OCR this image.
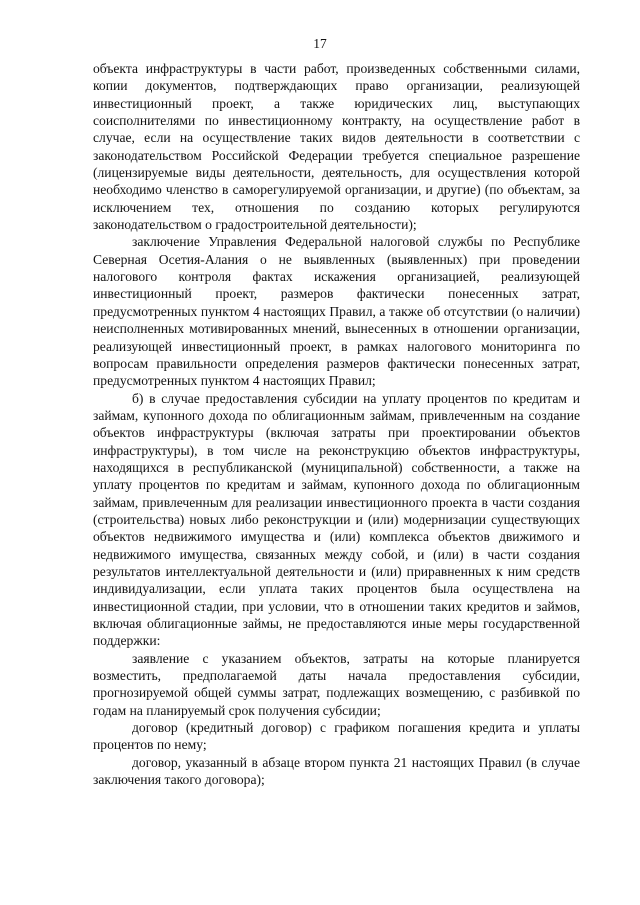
17

объекта инфраструктуры в части работ, произведенных собственными силами, копии документов, подтверждающих право организации, реализующей инвестиционный проект, а также юридических лиц, выступающих соисполнителями по инвестиционному контракту, на осуществление работ в случае, если на осуществление таких видов деятельности в соответствии с законодательством Российской Федерации требуется специальное разрешение (лицензируемые виды деятельности, деятельность, для осуществления которой необходимо членство в саморегулируемой организации, и другие) (по объектам, за исключением тех, отношения по созданию которых регулируются законодательством о градостроительной деятельности);

заключение Управления Федеральной налоговой службы по Республике Северная Осетия-Алания о не выявленных (выявленных) при проведении налогового контроля фактах искажения организацией, реализующей инвестиционный проект, размеров фактически понесенных затрат, предусмотренных пунктом 4 настоящих Правил, а также об отсутствии (о наличии) неисполненных мотивированных мнений, вынесенных в отношении организации, реализующей инвестиционный проект, в рамках налогового мониторинга по вопросам правильности определения размеров фактически понесенных затрат, предусмотренных пунктом 4 настоящих Правил;

б) в случае предоставления субсидии на уплату процентов по кредитам и займам, купонного дохода по облигационным займам, привлеченным на создание объектов инфраструктуры (включая затраты при проектировании объектов инфраструктуры), в том числе на реконструкцию объектов инфраструктуры, находящихся в республиканской (муниципальной) собственности, а также на уплату процентов по кредитам и займам, купонного дохода по облигационным займам, привлеченным для реализации инвестиционного проекта в части создания (строительства) новых либо реконструкции и (или) модернизации существующих объектов недвижимого имущества и (или) комплекса объектов движимого и недвижимого имущества, связанных между собой, и (или) в части создания результатов интеллектуальной деятельности и (или) приравненных к ним средств индивидуализации, если уплата таких процентов была осуществлена на инвестиционной стадии, при условии, что в отношении таких кредитов и займов, включая облигационные займы, не предоставляются иные меры государственной поддержки:

заявление с указанием объектов, затраты на которые планируется возместить, предполагаемой даты начала предоставления субсидии, прогнозируемой общей суммы затрат, подлежащих возмещению, с разбивкой по годам на планируемый срок получения субсидии;

договор (кредитный договор) с графиком погашения кредита и уплаты процентов по нему;

договор, указанный в абзаце втором пункта 21 настоящих Правил (в случае заключения такого договора);
